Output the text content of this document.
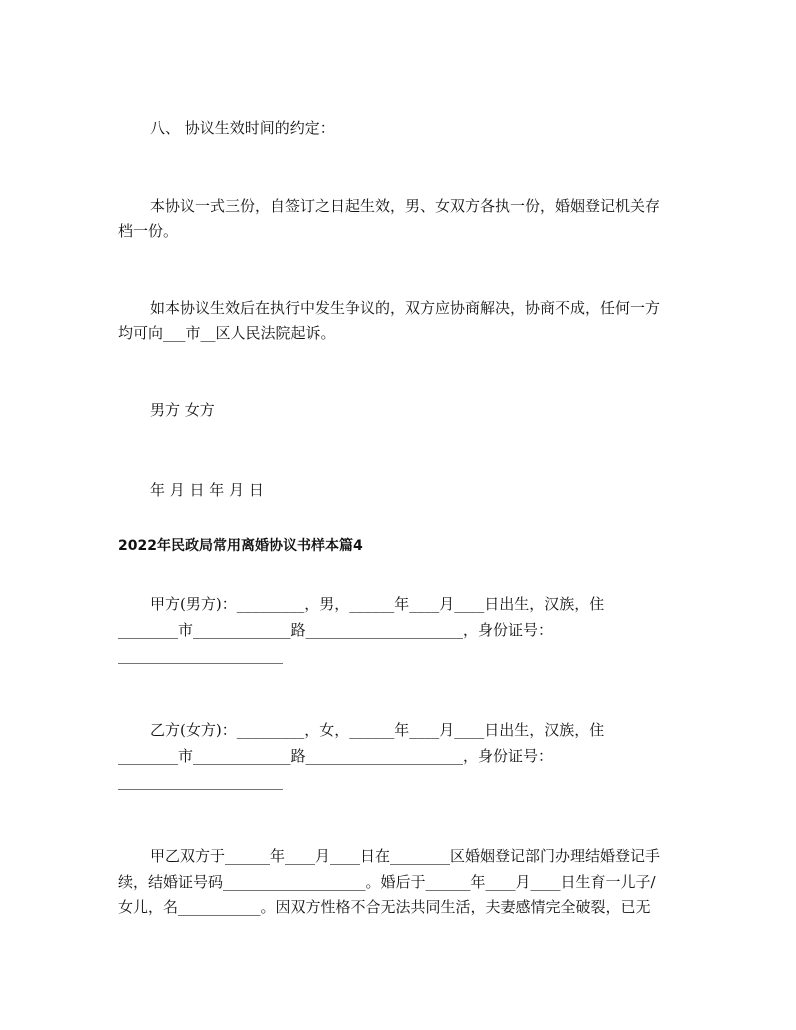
八、 协议生效时间的约定：
本协议一式三份，自签订之日起生效，男、女双方各执一份，婚姻登记机关存
档一份。
如本协议生效后在执行中发生争议的，双方应协商解决，协商不成，任何一方
均可向___市__区人民法院起诉。
男方 女方
年 月 日 年 月 日
2022年民政局常用离婚协议书样本篇4
甲方(男方)：_________，男，______年____月____日出生，汉族，住
________市_____________路_____________________，身份证号：
______________________
乙方(女方)：_________，女，______年____月____日出生，汉族，住
________市_____________路_____________________，身份证号：
______________________
甲乙双方于______年____月____日在________区婚姻登记部门办理结婚登记手
续，结婚证号码___________________。婚后于______年____月____日生育一儿子/
女儿，名___________。因双方性格不合无法共同生活，夫妻感情完全破裂，已无
